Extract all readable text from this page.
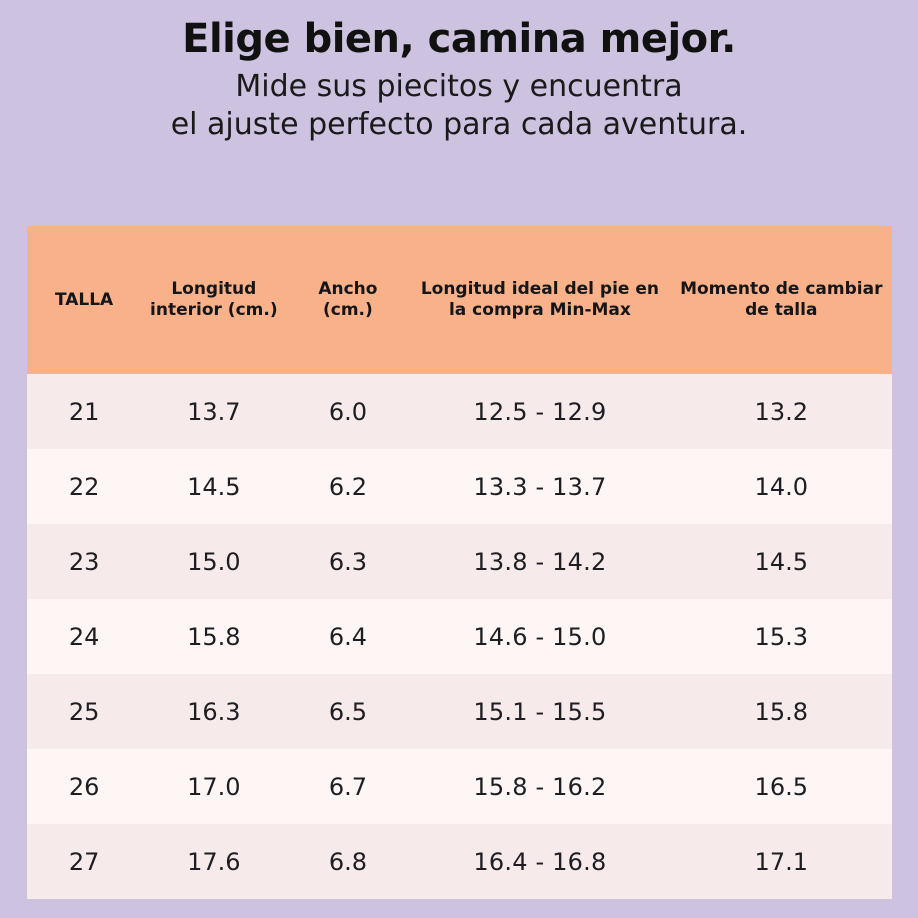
Elige bien, camina mejor.

Mide sus piecitos y encuentra
el ajuste perfecto para cada aventura.

TALLA	Longitud interior (cm.)	Ancho (cm.)	Longitud ideal del pie en la compra Min-Max	Momento de cambiar de talla
21	13.7	6.0	12.5 - 12.9	13.2
22	14.5	6.2	13.3 - 13.7	14.0
23	15.0	6.3	13.8 - 14.2	14.5
24	15.8	6.4	14.6 - 15.0	15.3
25	16.3	6.5	15.1 - 15.5	15.8
26	17.0	6.7	15.8 - 16.2	16.5
27	17.6	6.8	16.4 - 16.8	17.1
